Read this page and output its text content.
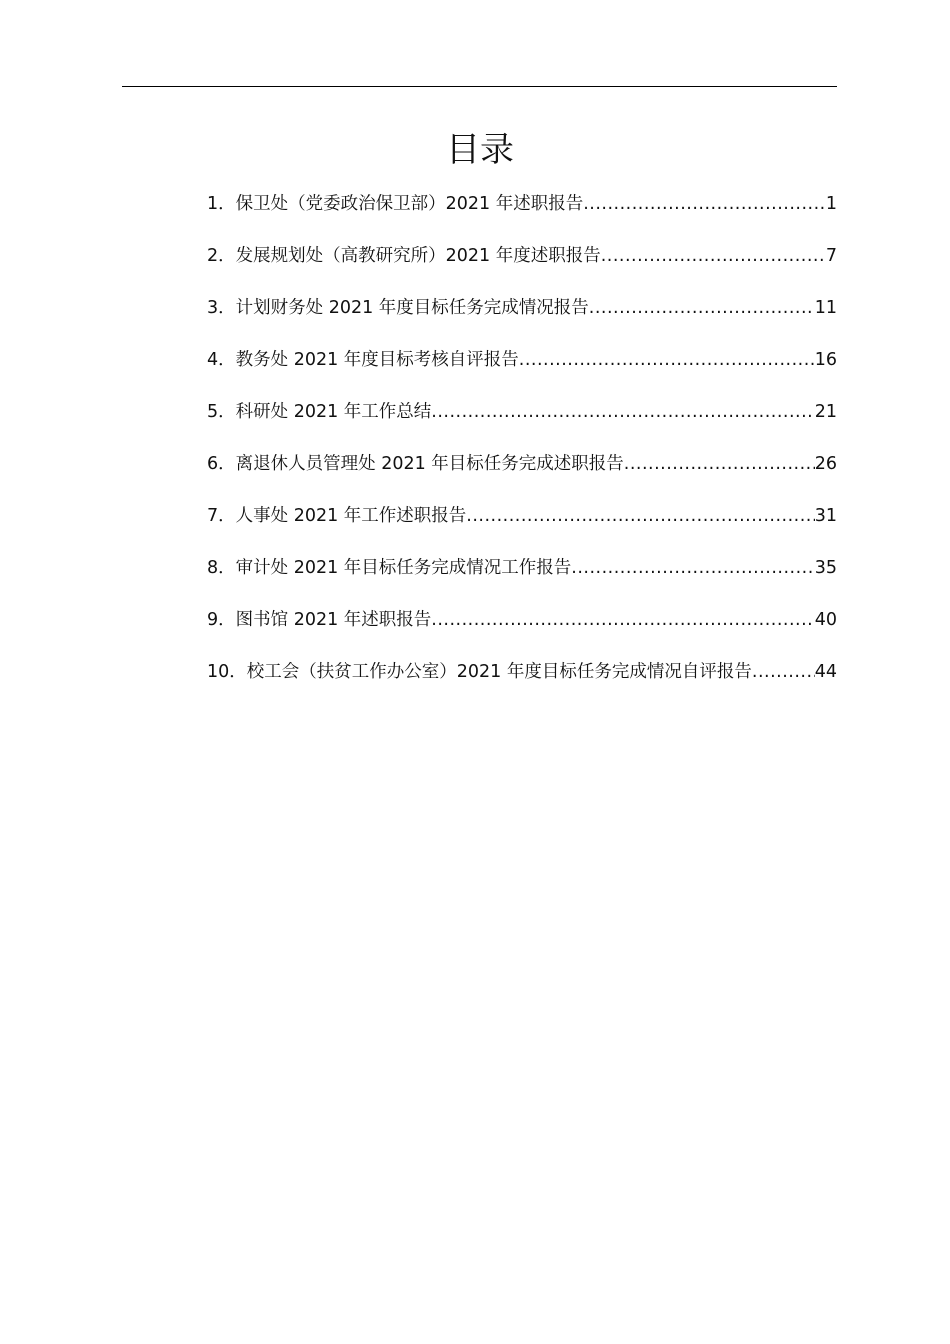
目录
1．保卫处（党委政治保卫部）2021 年述职报告 .....	1
2．发展规划处（高教研究所）2021 年度述职报告 .....	7
3．计划财务处 2021 年度目标任务完成情况报告 .....	11
4．教务处 2021 年度目标考核自评报告 .....	16
5．科研处 2021 年工作总结 .....	21
6．离退休人员管理处 2021 年目标任务完成述职报告 .....	26
7．人事处 2021 年工作述职报告 .....	31
8．审计处 2021 年目标任务完成情况工作报告 .....	35
9．图书馆 2021 年述职报告 .....	40
10．校工会（扶贫工作办公室）2021 年度目标任务完成情况自评报告 .....	44
